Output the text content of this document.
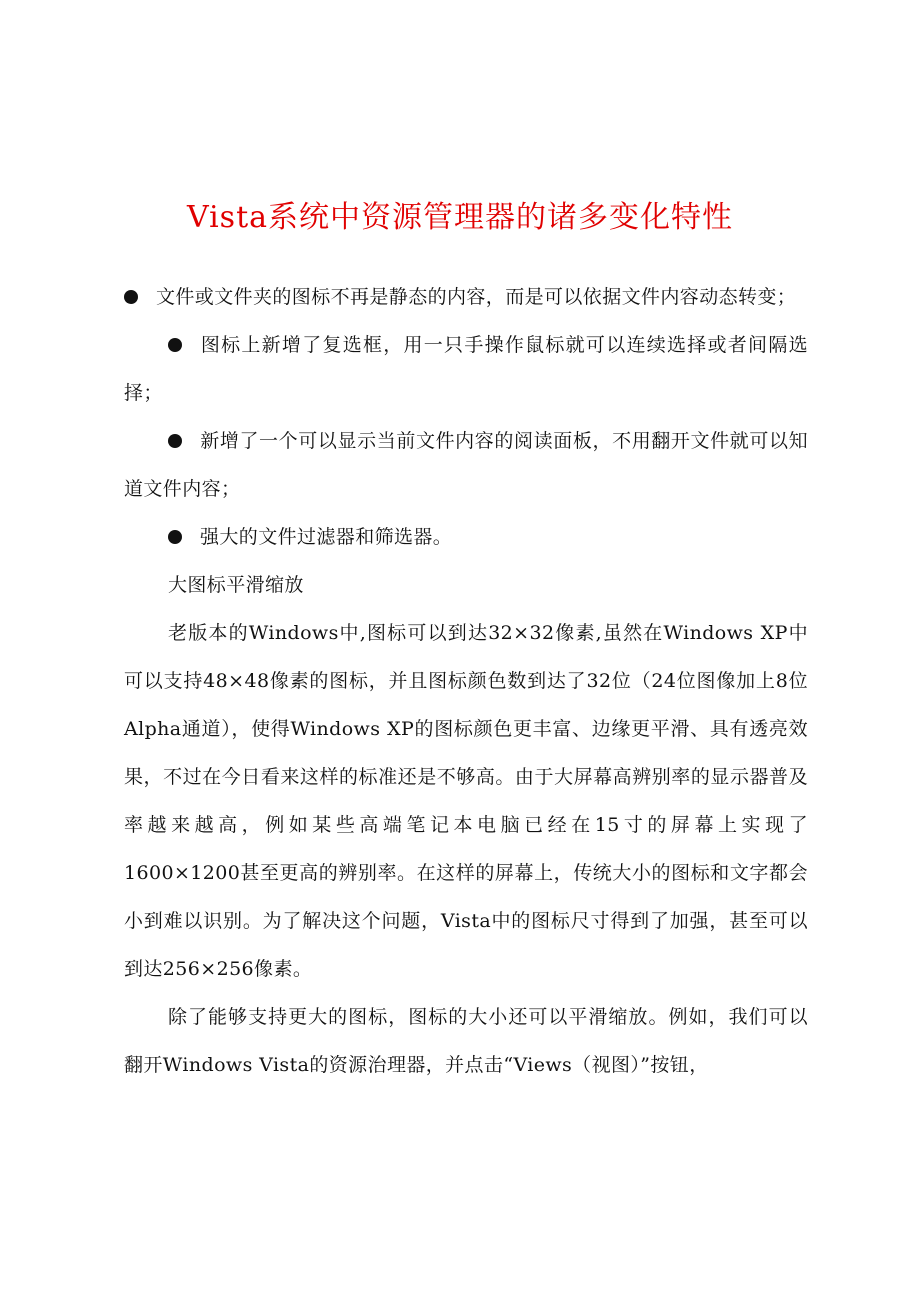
Vista系统中资源管理器的诸多变化特性

文件或文件夹的图标不再是静态的内容，而是可以依据文件内容动态转变；

图标上新增了复选框，用一只手操作鼠标就可以连续选择或者间隔选择；

新增了一个可以显示当前文件内容的阅读面板，不用翻开文件就可以知道文件内容；

强大的文件过滤器和筛选器。

大图标平滑缩放

老版本的Windows中,图标可以到达32×32像素,虽然在Windows XP中可以支持48×48像素的图标，并且图标颜色数到达了32位（24位图像加上8位Alpha通道），使得Windows XP的图标颜色更丰富、边缘更平滑、具有透亮效果，不过在今日看来这样的标准还是不够高。由于大屏幕高辨别率的显示器普及率越来越高，例如某些高端笔记本电脑已经在15寸的屏幕上实现了1600×1200甚至更高的辨别率。在这样的屏幕上，传统大小的图标和文字都会小到难以识别。为了解决这个问题，Vista中的图标尺寸得到了加强，甚至可以到达256×256像素。

除了能够支持更大的图标，图标的大小还可以平滑缩放。例如，我们可以翻开Windows Vista的资源治理器，并点击“Views（视图）”按钮，
